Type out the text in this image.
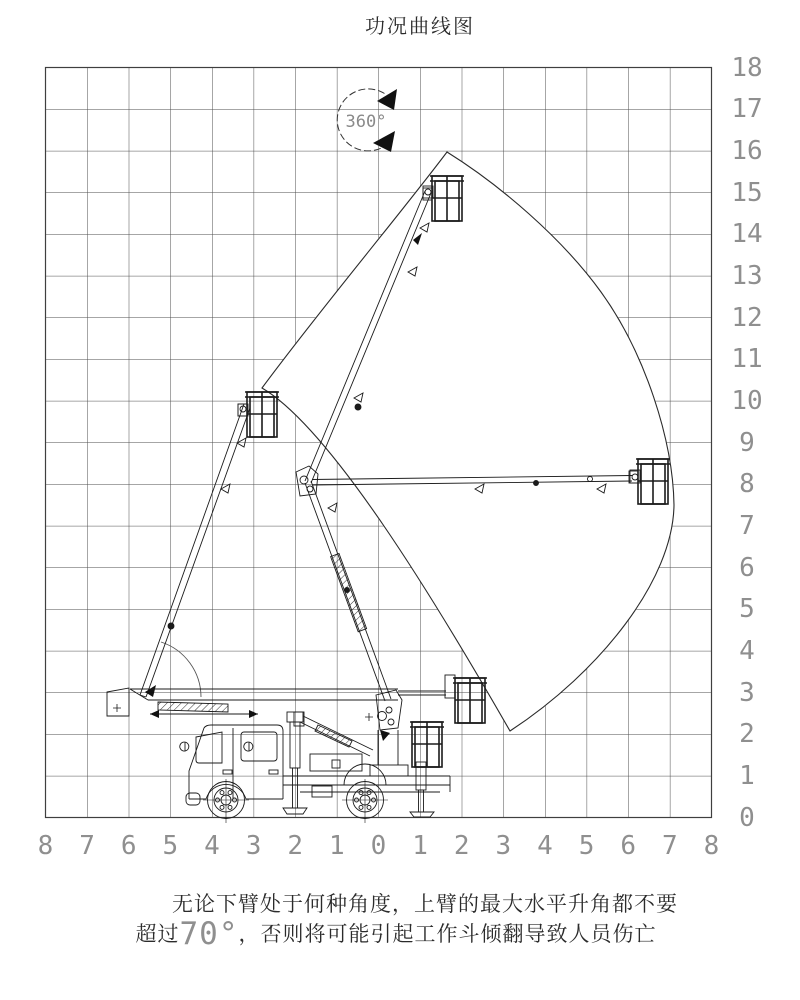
360°
功况曲线图
8 7 6 5 4 3 2 1 0 1 2 3 4 5 6 7 8
0
1
2
3
4
5
6
7
8
9
10
11
12
13
14
15
16
17
18
无论下臂处于何种角度，上臂的最大水平升角都不要
超过70°，否则将可能引起工作斗倾翻导致人员伤亡
